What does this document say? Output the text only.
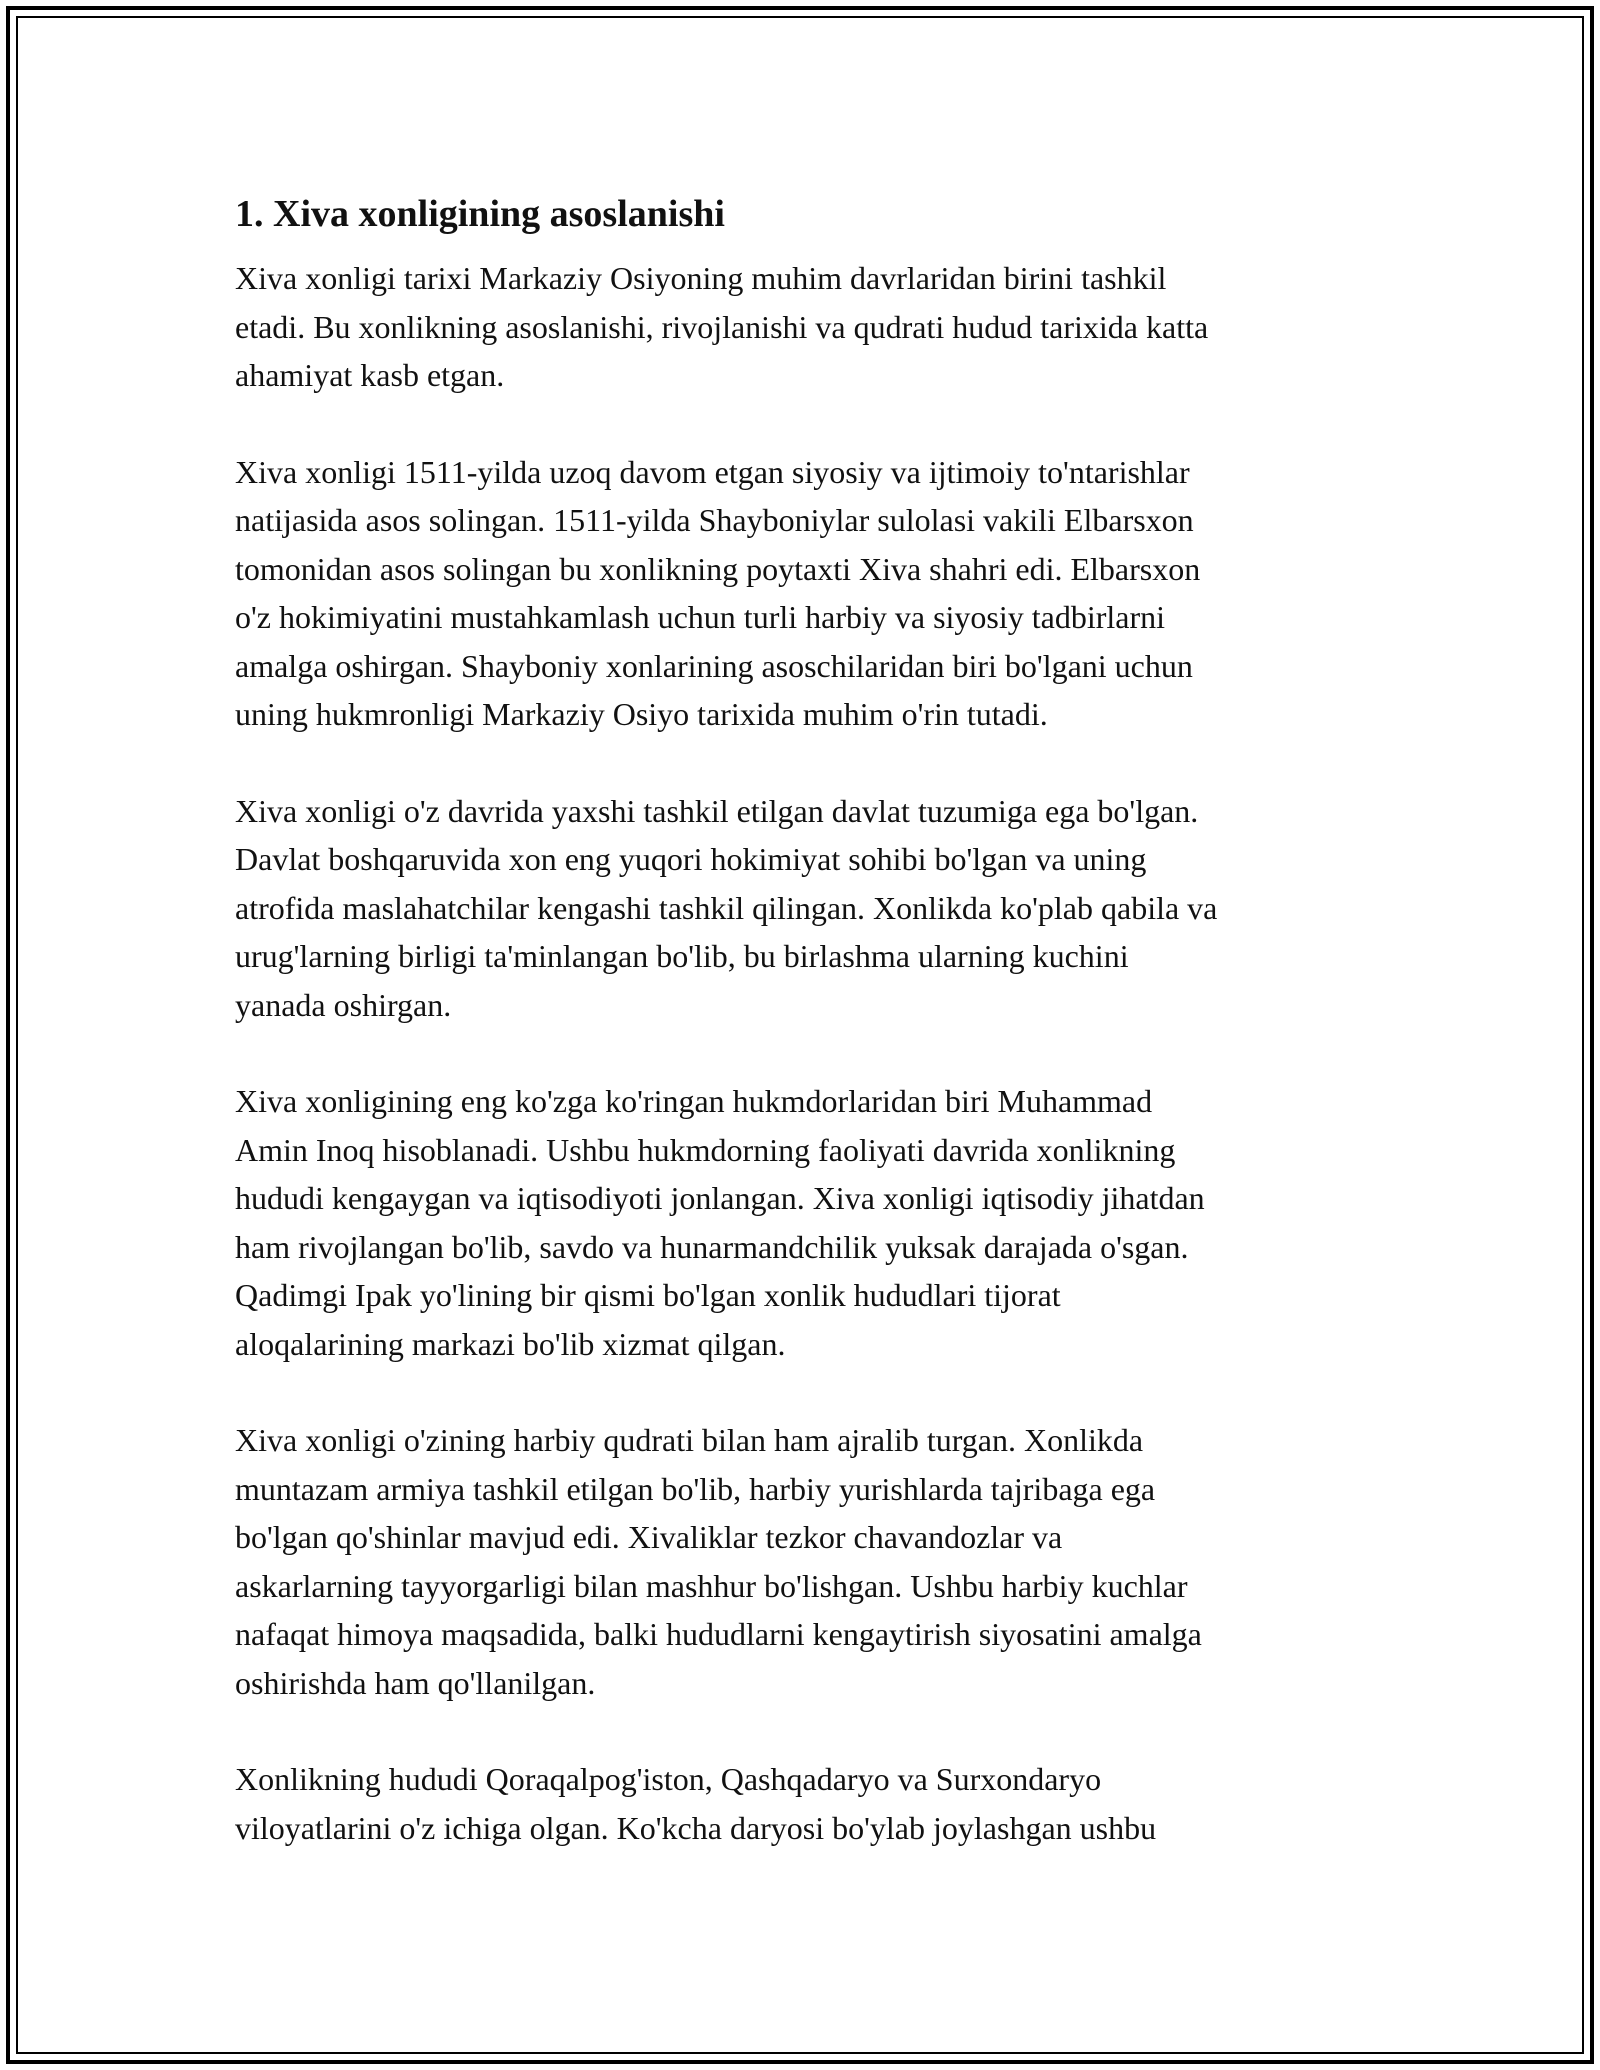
1. Xiva xonligining asoslanishi
Xiva xonligi tarixi Markaziy Osiyoning muhim davrlaridan birini tashkil
etadi. Bu xonlikning asoslanishi, rivojlanishi va qudrati hudud tarixida katta
ahamiyat kasb etgan.
Xiva xonligi 1511-yilda uzoq davom etgan siyosiy va ijtimoiy to'ntarishlar
natijasida asos solingan. 1511-yilda Shayboniylar sulolasi vakili Elbarsxon
tomonidan asos solingan bu xonlikning poytaxti Xiva shahri edi. Elbarsxon
o'z hokimiyatini mustahkamlash uchun turli harbiy va siyosiy tadbirlarni
amalga oshirgan. Shayboniy xonlarining asoschilaridan biri bo'lgani uchun
uning hukmronligi Markaziy Osiyo tarixida muhim o'rin tutadi.
Xiva xonligi o'z davrida yaxshi tashkil etilgan davlat tuzumiga ega bo'lgan.
Davlat boshqaruvida xon eng yuqori hokimiyat sohibi bo'lgan va uning
atrofida maslahatchilar kengashi tashkil qilingan. Xonlikda ko'plab qabila va
urug'larning birligi ta'minlangan bo'lib, bu birlashma ularning kuchini
yanada oshirgan.
Xiva xonligining eng ko'zga ko'ringan hukmdorlaridan biri Muhammad
Amin Inoq hisoblanadi. Ushbu hukmdorning faoliyati davrida xonlikning
hududi kengaygan va iqtisodiyoti jonlangan. Xiva xonligi iqtisodiy jihatdan
ham rivojlangan bo'lib, savdo va hunarmandchilik yuksak darajada o'sgan.
Qadimgi Ipak yo'lining bir qismi bo'lgan xonlik hududlari tijorat
aloqalarining markazi bo'lib xizmat qilgan.
Xiva xonligi o'zining harbiy qudrati bilan ham ajralib turgan. Xonlikda
muntazam armiya tashkil etilgan bo'lib, harbiy yurishlarda tajribaga ega
bo'lgan qo'shinlar mavjud edi. Xivaliklar tezkor chavandozlar va
askarlarning tayyorgarligi bilan mashhur bo'lishgan. Ushbu harbiy kuchlar
nafaqat himoya maqsadida, balki hududlarni kengaytirish siyosatini amalga
oshirishda ham qo'llanilgan.
Xonlikning hududi Qoraqalpog'iston, Qashqadaryo va Surxondaryo
viloyatlarini o'z ichiga olgan. Ko'kcha daryosi bo'ylab joylashgan ushbu
